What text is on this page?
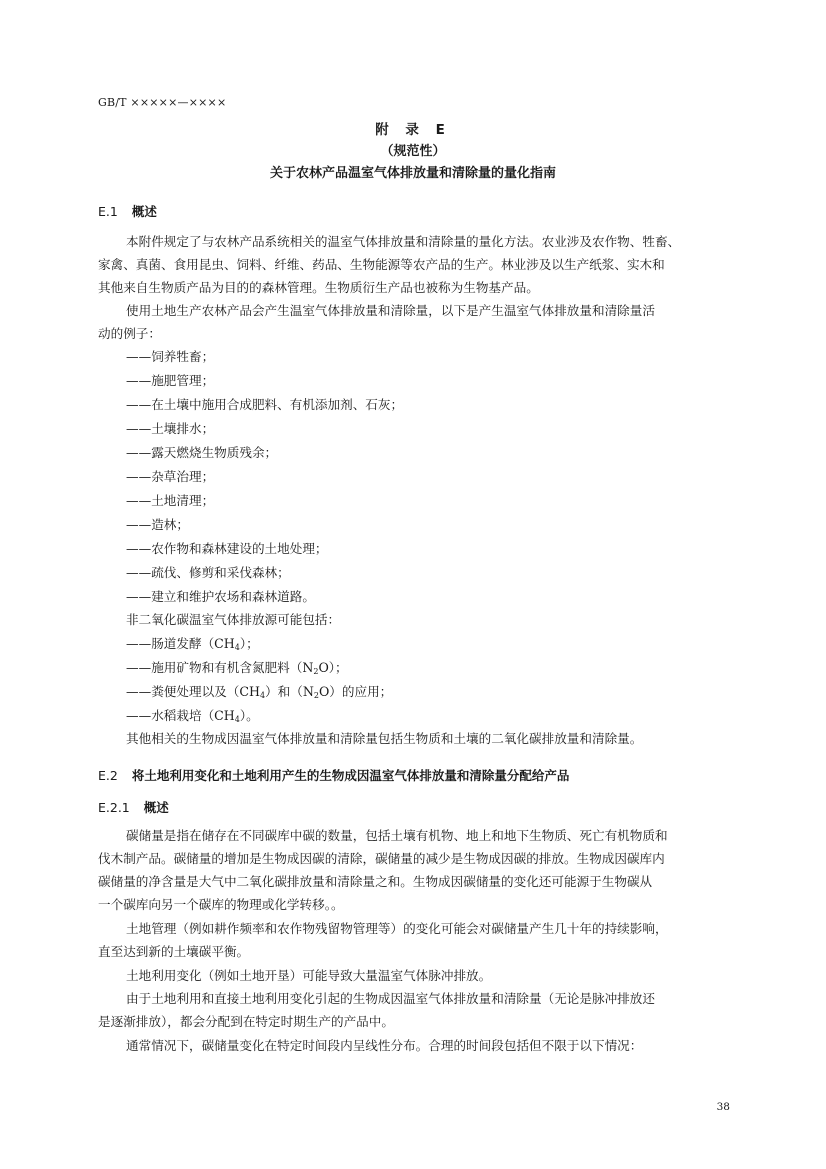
GB/T ×××××—××××
附 录 E
（规范性）
关于农林产品温室气体排放量和清除量的量化指南
E.1 概述
本附件规定了与农林产品系统相关的温室气体排放量和清除量的量化方法。农业涉及农作物、牲畜、
家禽、真菌、食用昆虫、饲料、纤维、药品、生物能源等农产品的生产。林业涉及以生产纸浆、实木和
其他来自生物质产品为目的的森林管理。生物质衍生产品也被称为生物基产品。
使用土地生产农林产品会产生温室气体排放量和清除量，以下是产生温室气体排放量和清除量活
动的例子：
——饲养牲畜；
——施肥管理；
——在土壤中施用合成肥料、有机添加剂、石灰；
——土壤排水；
——露天燃烧生物质残余；
——杂草治理；
——土地清理；
——造林；
——农作物和森林建设的土地处理；
——疏伐、修剪和采伐森林；
——建立和维护农场和森林道路。
非二氧化碳温室气体排放源可能包括：
——肠道发酵$(CH_4)$；
——施用矿物和有机含氮肥料$(N_2O)$；
——粪便处理以及$(CH_4)$和$(N_2O)$的应用；
——水稻栽培$(CH_4)$。
其他相关的生物成因温室气体排放量和清除量包括生物质和土壤的二氧化碳排放量和清除量。
E.2 将土地利用变化和土地利用产生的生物成因温室气体排放量和清除量分配给产品
E.2.1 概述
碳储量是指在储存在不同碳库中碳的数量，包括土壤有机物、地上和地下生物质、死亡有机物质和
伐木制产品。碳储量的增加是生物成因碳的清除，碳储量的减少是生物成因碳的排放。生物成因碳库内
碳储量的净含量是大气中二氧化碳排放量和清除量之和。生物成因碳储量的变化还可能源于生物碳从
一个碳库向另一个碳库的物理或化学转移。。
土地管理（例如耕作频率和农作物残留物管理等）的变化可能会对碳储量产生几十年的持续影响，
直至达到新的土壤碳平衡。
土地利用变化（例如土地开垦）可能导致大量温室气体脉冲排放。
由于土地利用和直接土地利用变化引起的生物成因温室气体排放量和清除量（无论是脉冲排放还
是逐渐排放），都会分配到在特定时期生产的产品中。
通常情况下，碳储量变化在特定时间段内呈线性分布。合理的时间段包括但不限于以下情况：
38
